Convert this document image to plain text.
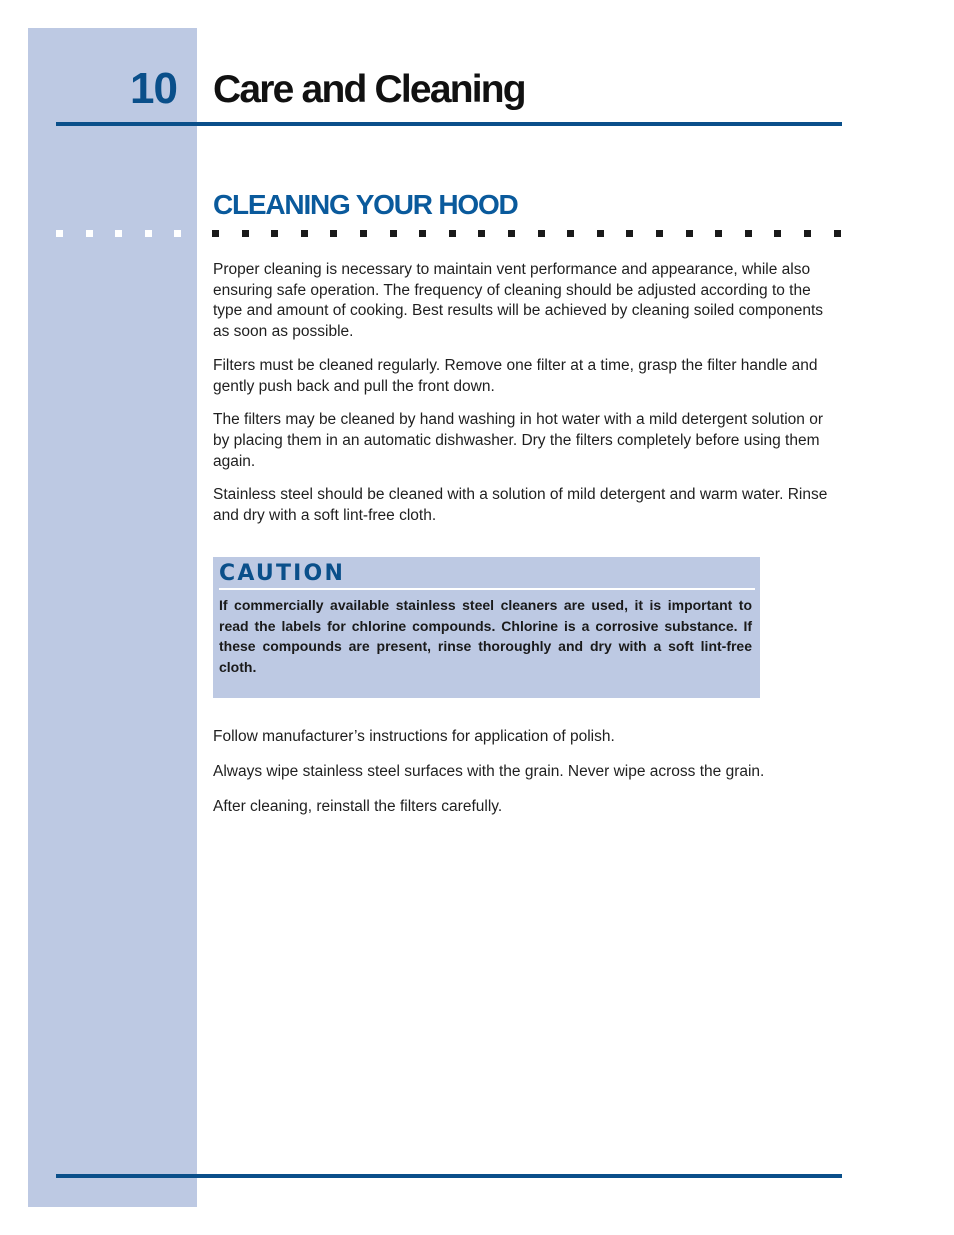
10 Care and Cleaning
CLEANING YOUR HOOD

Proper cleaning is necessary to maintain vent performance and appearance, while also ensuring safe operation. The frequency of cleaning should be adjusted according to the type and amount of cooking. Best results will be achieved by cleaning soiled components as soon as possible.

Filters must be cleaned regularly. Remove one filter at a time, grasp the filter handle and gently push back and pull the front down.

The filters may be cleaned by hand washing in hot water with a mild detergent solution or by placing them in an automatic dishwasher. Dry the filters completely before using them again.

Stainless steel should be cleaned with a solution of mild detergent and warm water. Rinse and dry with a soft lint-free cloth.

CAUTION
If commercially available stainless steel cleaners are used, it is important to read the labels for chlorine compounds. Chlorine is a corrosive substance. If these compounds are present, rinse thoroughly and dry with a soft lint-free cloth.

Follow manufacturer’s instructions for application of polish.

Always wipe stainless steel surfaces with the grain. Never wipe across the grain.

After cleaning, reinstall the filters carefully.
